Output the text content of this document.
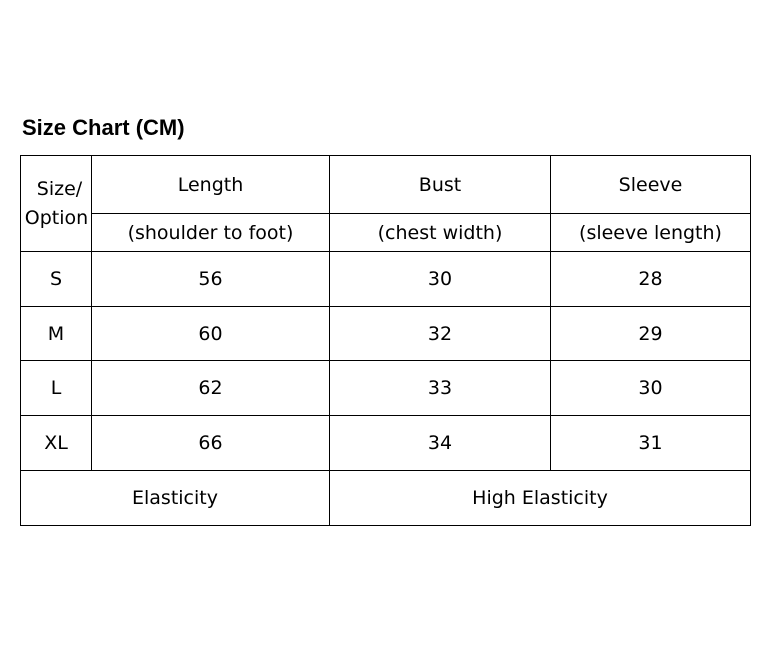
Size Chart (CM)
Size/
Option	Length	Bust	Sleeve
	(shoulder to foot)	(chest width)	(sleeve length)
S	56	30	28
M	60	32	29
L	62	33	30
XL	66	34	31
Elasticity		High Elasticity	
